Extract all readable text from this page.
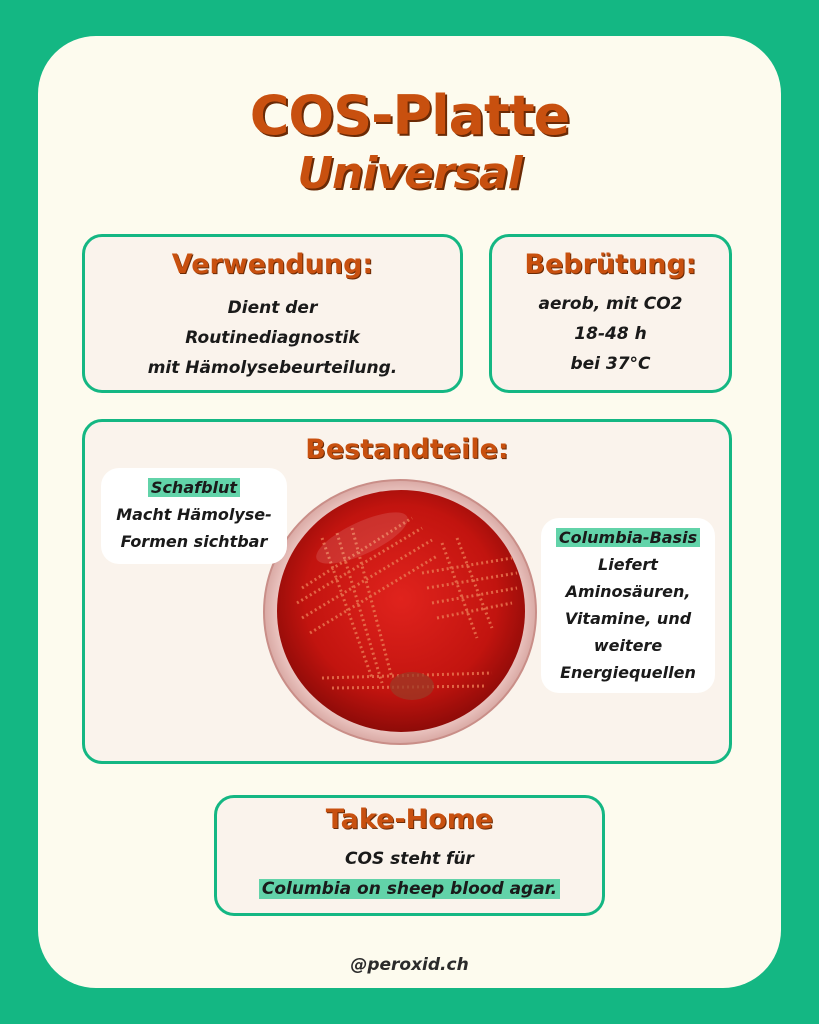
COS-Platte
Universal
Verwendung:
Dient der
Routinediagnostik
mit Hämolysebeurteilung.
Bebrütung:
aerob, mit CO2
18-48 h
bei 37°C
Bestandteile:
Schafblut
Macht Hämolyse-
Formen sichtbar	Columbia-Basis
Liefert
Aminosäuren,
Vitamine, und
weitere
Energiequellen
Take-Home
COS steht für
Columbia on sheep blood agar.
@peroxid.ch
